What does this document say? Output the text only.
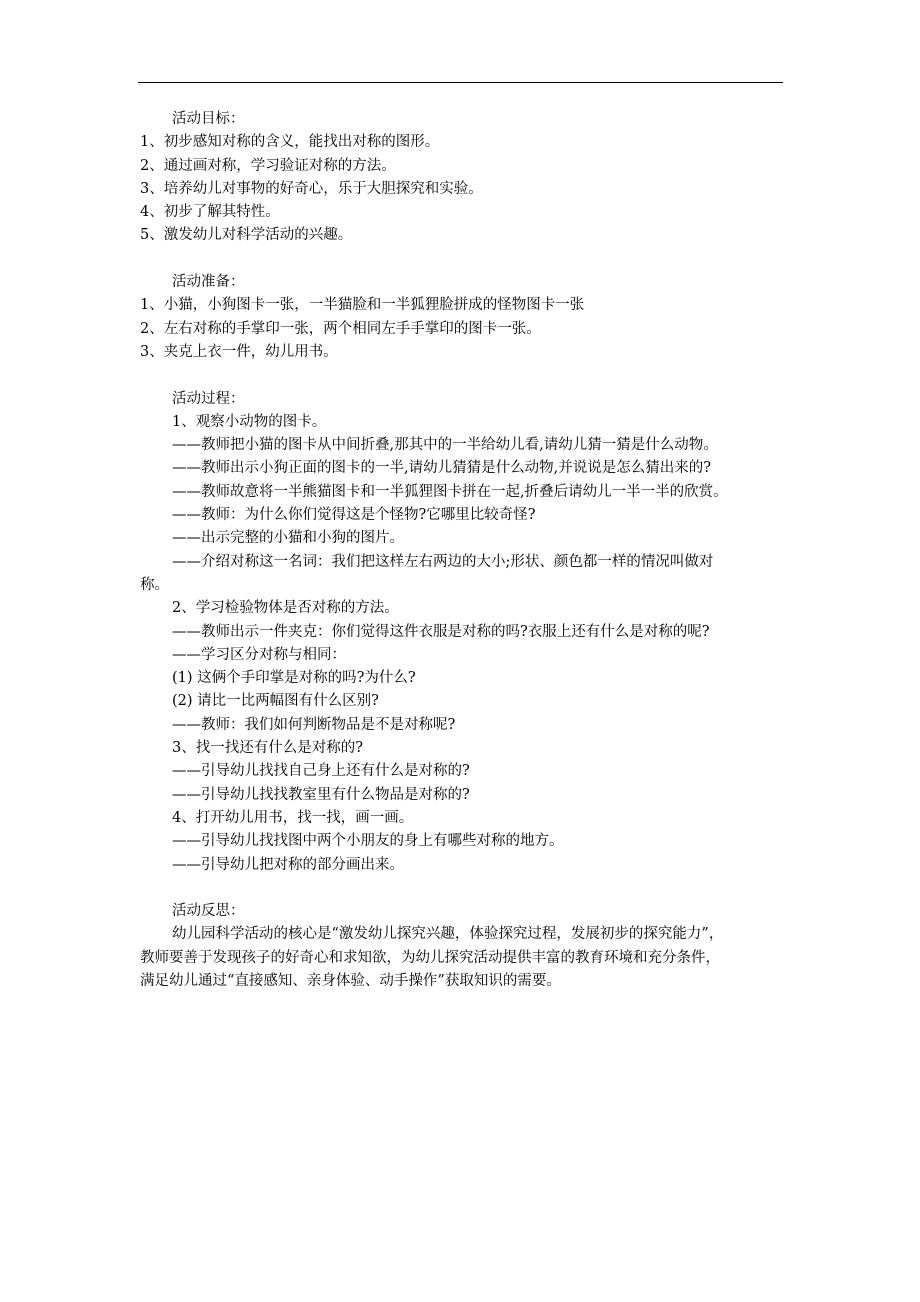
活动目标：
1、初步感知对称的含义，能找出对称的图形。
2、通过画对称，学习验证对称的方法。
3、培养幼儿对事物的好奇心，乐于大胆探究和实验。
4、初步了解其特性。
5、激发幼儿对科学活动的兴趣。
活动准备：
1、小猫，小狗图卡一张，一半猫脸和一半狐狸脸拼成的怪物图卡一张
2、左右对称的手掌印一张，两个相同左手手掌印的图卡一张。
3、夹克上衣一件，幼儿用书。
活动过程：
1、观察小动物的图卡。
——教师把小猫的图卡从中间折叠,那其中的一半给幼儿看,请幼儿猜一猜是什么动物。
——教师出示小狗正面的图卡的一半,请幼儿猜猜是什么动物,并说说是怎么猜出来的?
——教师故意将一半熊猫图卡和一半狐狸图卡拼在一起,折叠后请幼儿一半一半的欣赏。
——教师：为什么你们觉得这是个怪物?它哪里比较奇怪?
——出示完整的小猫和小狗的图片。
——介绍对称这一名词：我们把这样左右两边的大小;形状、颜色都一样的情况叫做对
称。
2、学习检验物体是否对称的方法。
——教师出示一件夹克：你们觉得这件衣服是对称的吗?衣服上还有什么是对称的呢?
——学习区分对称与相同：
(1) 这俩个手印掌是对称的吗?为什么?
(2) 请比一比两幅图有什么区别?
——教师：我们如何判断物品是不是对称呢?
3、找一找还有什么是对称的?
——引导幼儿找找自己身上还有什么是对称的?
——引导幼儿找找教室里有什么物品是对称的?
4、打开幼儿用书，找一找，画一画。
——引导幼儿找找图中两个小朋友的身上有哪些对称的地方。
——引导幼儿把对称的部分画出来。
活动反思：
幼儿园科学活动的核心是“激发幼儿探究兴趣，体验探究过程，发展初步的探究能力”，
教师要善于发现孩子的好奇心和求知欲，为幼儿探究活动提供丰富的教育环境和充分条件，
满足幼儿通过“直接感知、亲身体验、动手操作”获取知识的需要。
